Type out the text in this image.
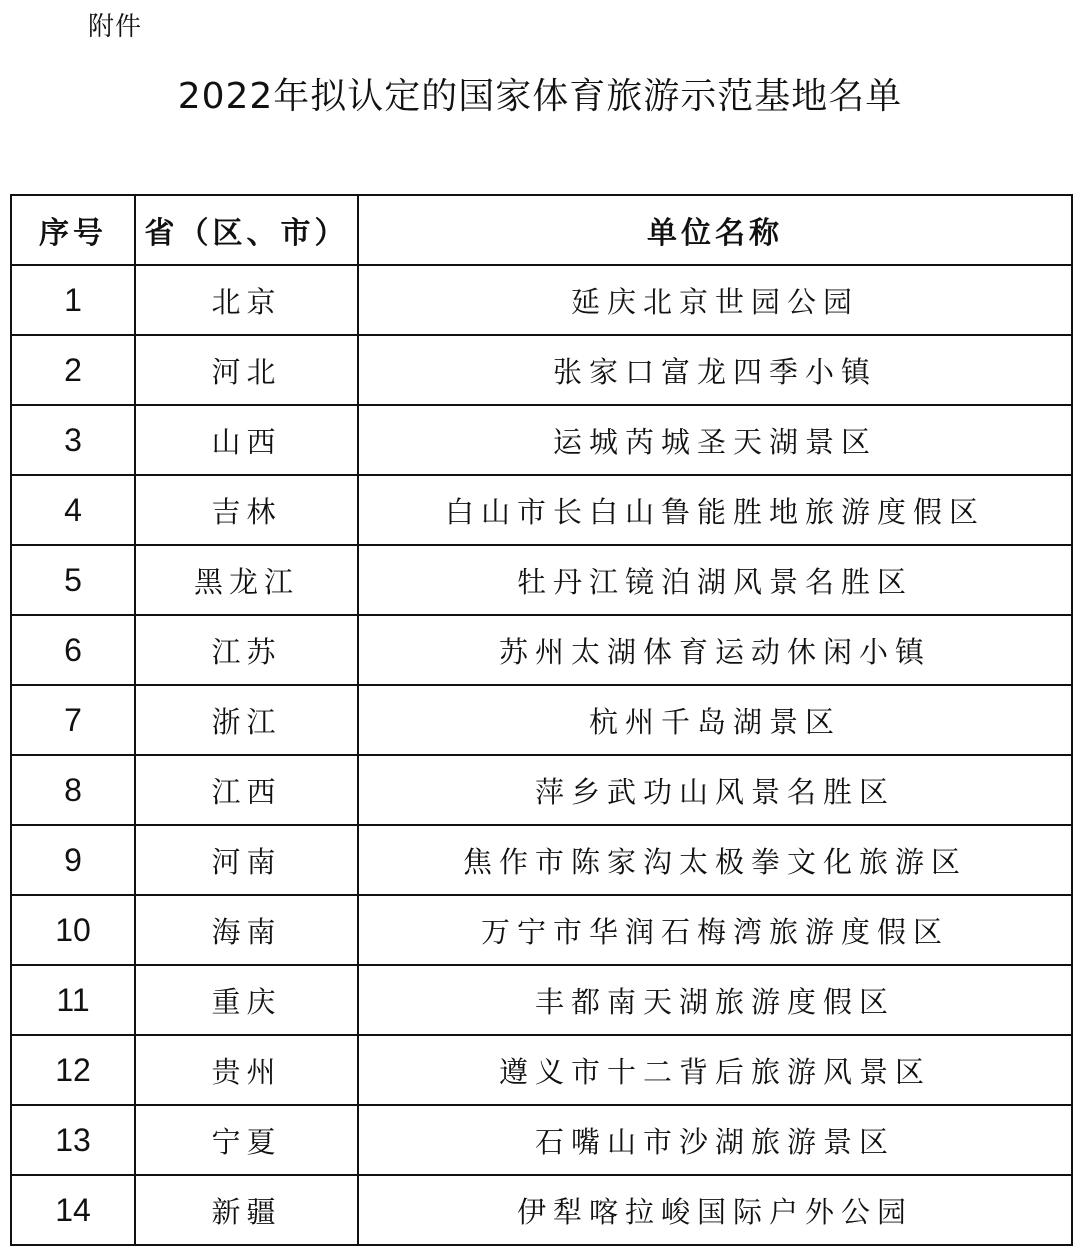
附件
2022年拟认定的国家体育旅游示范基地名单
序号	省（区、市）	单位名称
1	北京	延庆北京世园公园
2	河北	张家口富龙四季小镇
3	山西	运城芮城圣天湖景区
4	吉林	白山市长白山鲁能胜地旅游度假区
5	黑龙江	牡丹江镜泊湖风景名胜区
6	江苏	苏州太湖体育运动休闲小镇
7	浙江	杭州千岛湖景区
8	江西	萍乡武功山风景名胜区
9	河南	焦作市陈家沟太极拳文化旅游区
10	海南	万宁市华润石梅湾旅游度假区
11	重庆	丰都南天湖旅游度假区
12	贵州	遵义市十二背后旅游风景区
13	宁夏	石嘴山市沙湖旅游景区
14	新疆	伊犁喀拉峻国际户外公园
